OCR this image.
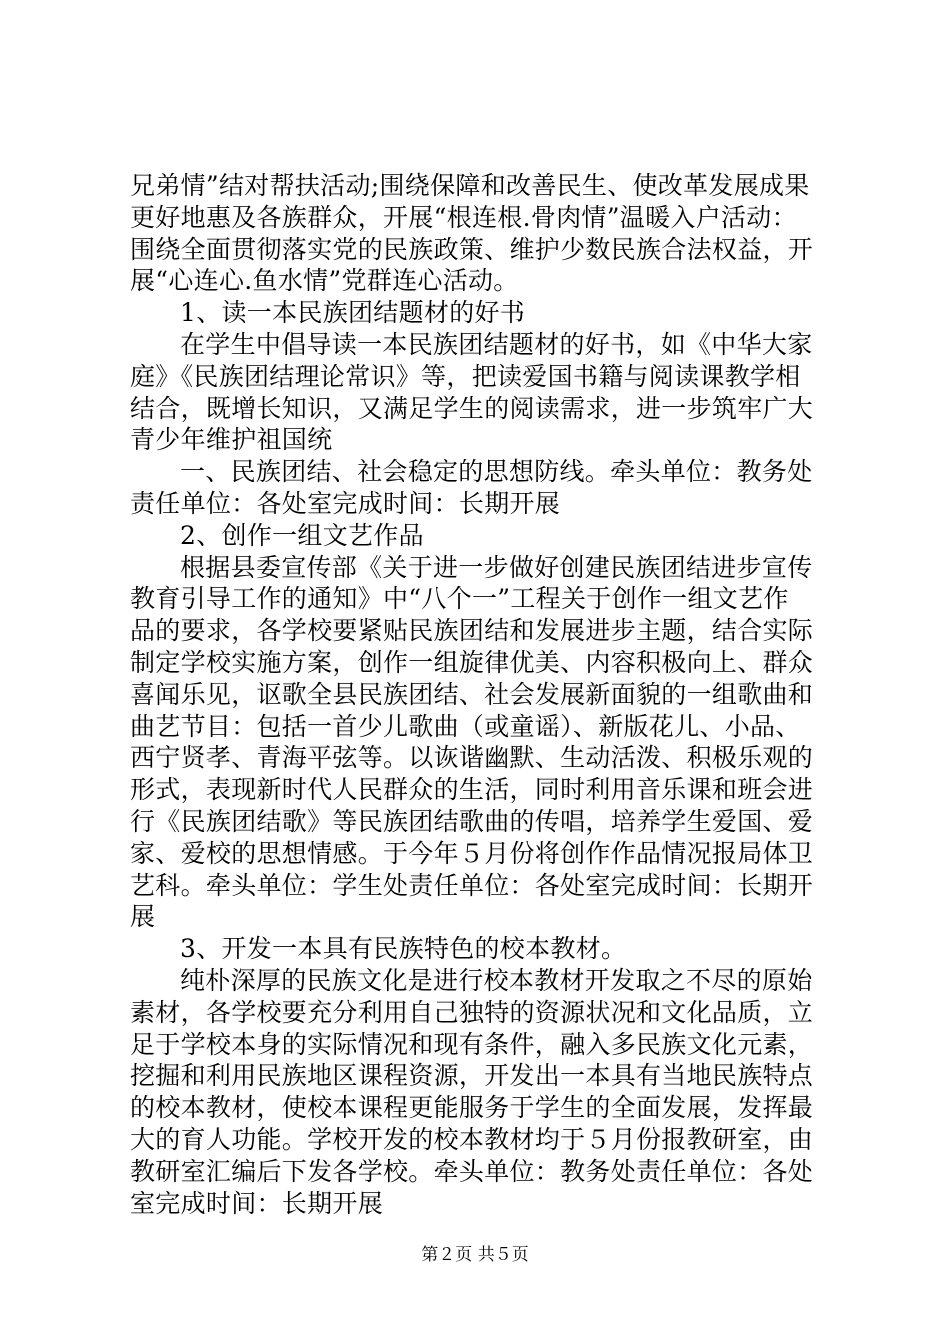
兄弟情”结对帮扶活动;围绕保障和改善民生、使改革发展成果
更好地惠及各族群众，开展“根连根.骨肉情”温暖入户活动：
围绕全面贯彻落实党的民族政策、维护少数民族合法权益，开
展“心连心.鱼水情”党群连心活动。
1、读一本民族团结题材的好书
在学生中倡导读一本民族团结题材的好书，如《中华大家
庭》《民族团结理论常识》等，把读爱国书籍与阅读课教学相
结合，既增长知识，又满足学生的阅读需求，进一步筑牢广大
青少年维护祖国统
一、民族团结、社会稳定的思想防线。牵头单位：教务处
责任单位：各处室完成时间：长期开展
2、创作一组文艺作品
根据县委宣传部《关于进一步做好创建民族团结进步宣传
教育引导工作的通知》中“八个一”工程关于创作一组文艺作
品的要求，各学校要紧贴民族团结和发展进步主题，结合实际
制定学校实施方案，创作一组旋律优美、内容积极向上、群众
喜闻乐见，讴歌全县民族团结、社会发展新面貌的一组歌曲和
曲艺节目：包括一首少儿歌曲（或童谣）、新版花儿、小品、
西宁贤孝、青海平弦等。以诙谐幽默、生动活泼、积极乐观的
形式，表现新时代人民群众的生活，同时利用音乐课和班会进
行《民族团结歌》等民族团结歌曲的传唱，培养学生爱国、爱
家、爱校的思想情感。于今年５月份将创作作品情况报局体卫
艺科。牵头单位：学生处责任单位：各处室完成时间：长期开
展
3、开发一本具有民族特色的校本教材。
纯朴深厚的民族文化是进行校本教材开发取之不尽的原始
素材，各学校要充分利用自己独特的资源状况和文化品质，立
足于学校本身的实际情况和现有条件，融入多民族文化元素，
挖掘和利用民族地区课程资源，开发出一本具有当地民族特点
的校本教材，使校本课程更能服务于学生的全面发展，发挥最
大的育人功能。学校开发的校本教材均于５月份报教研室，由
教研室汇编后下发各学校。牵头单位：教务处责任单位：各处
室完成时间：长期开展
第２页 共５页
